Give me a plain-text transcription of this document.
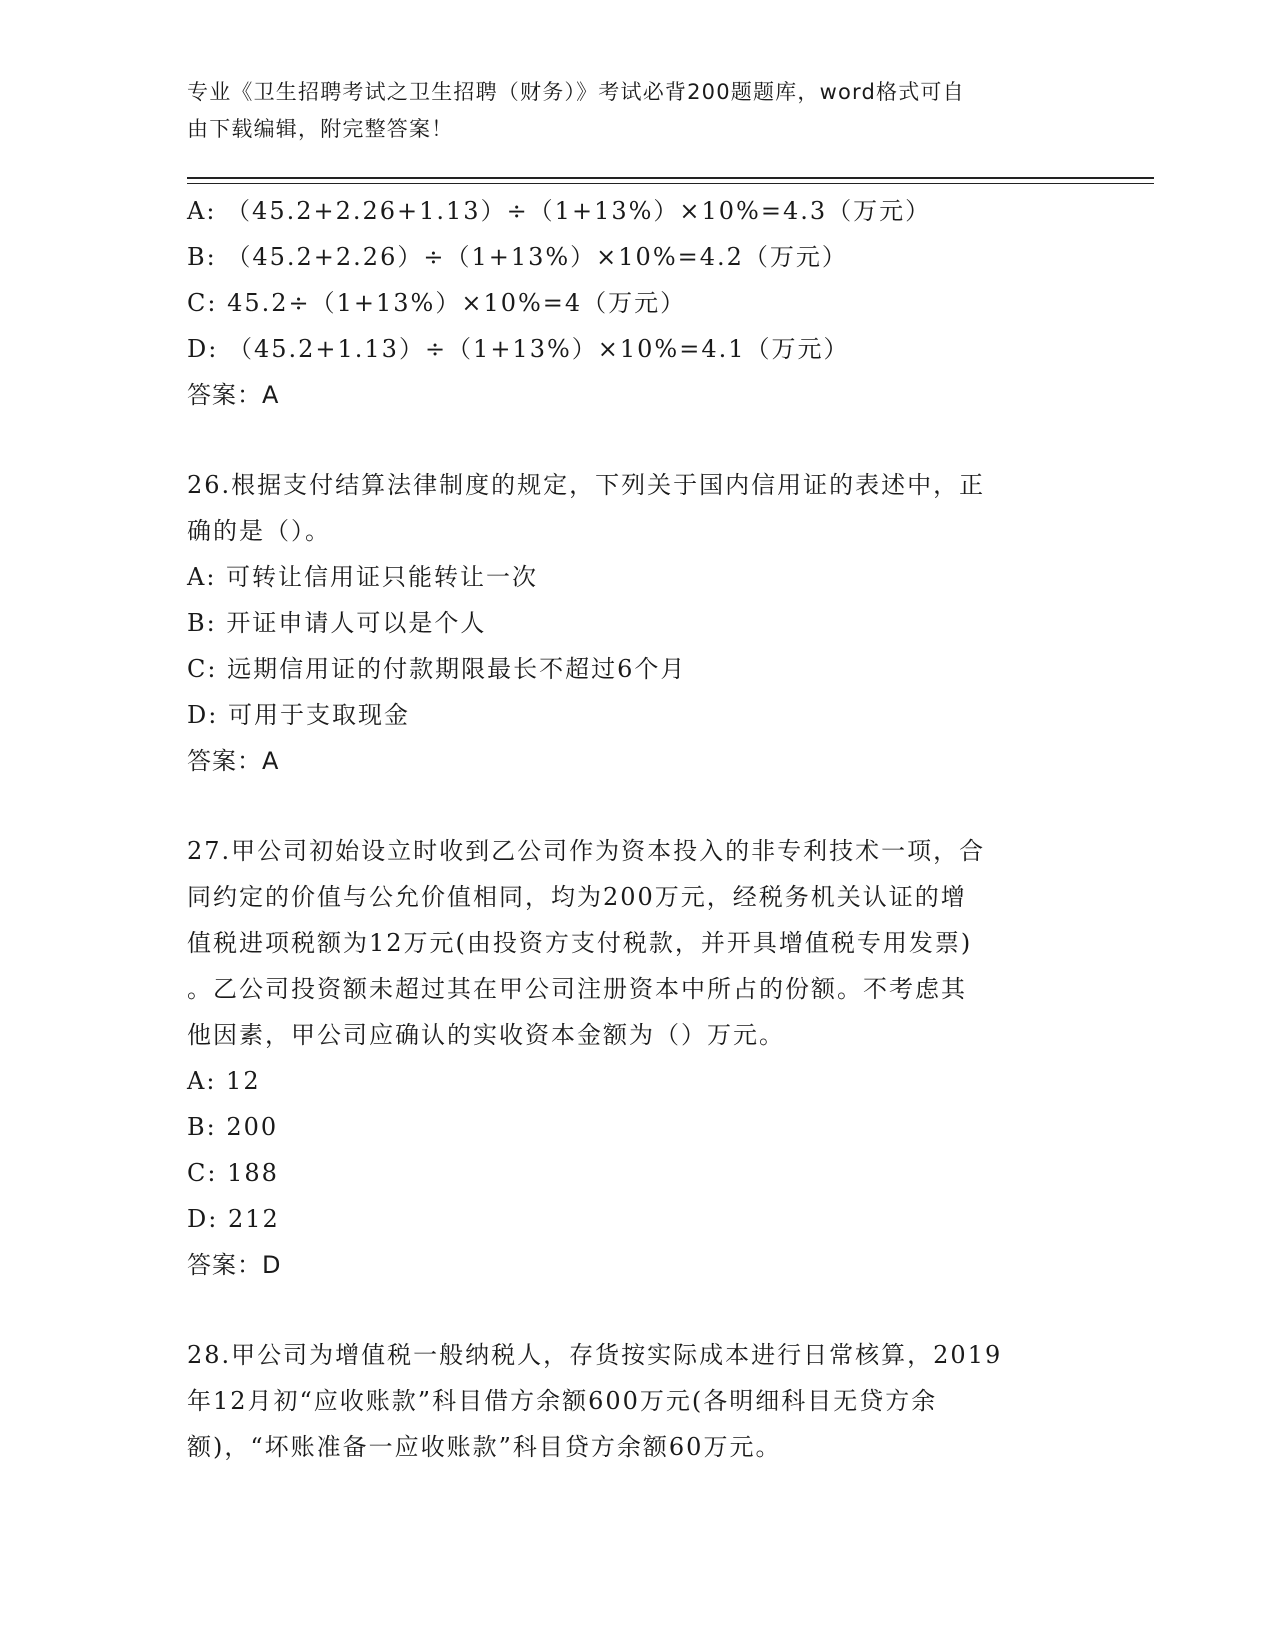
专业《卫生招聘考试之卫生招聘（财务）》考试必背200题题库，word格式可自
由下载编辑，附完整答案！
A: （45.2+2.26+1.13）÷（1+13%）×10%=4.3（万元）
B: （45.2+2.26）÷（1+13%）×10%=4.2（万元）
C: 45.2÷（1+13%）×10%=4（万元）
D: （45.2+1.13）÷（1+13%）×10%=4.1（万元）
答案：A
26.根据支付结算法律制度的规定，下列关于国内信用证的表述中，正
确的是（）。
A: 可转让信用证只能转让一次
B: 开证申请人可以是个人
C: 远期信用证的付款期限最长不超过6个月
D: 可用于支取现金
答案：A
27.甲公司初始设立时收到乙公司作为资本投入的非专利技术一项，合
同约定的价值与公允价值相同，均为200万元，经税务机关认证的增
值税进项税额为12万元(由投资方支付税款，并开具增值税专用发票)
。乙公司投资额未超过其在甲公司注册资本中所占的份额。不考虑其
他因素，甲公司应确认的实收资本金额为（）万元。
A: 12
B: 200
C: 188
D: 212
答案：D
28.甲公司为增值税一般纳税人，存货按实际成本进行日常核算，2019
年12月初“应收账款”科目借方余额600万元(各明细科目无贷方余
额)，“坏账准备一应收账款”科目贷方余额60万元。
